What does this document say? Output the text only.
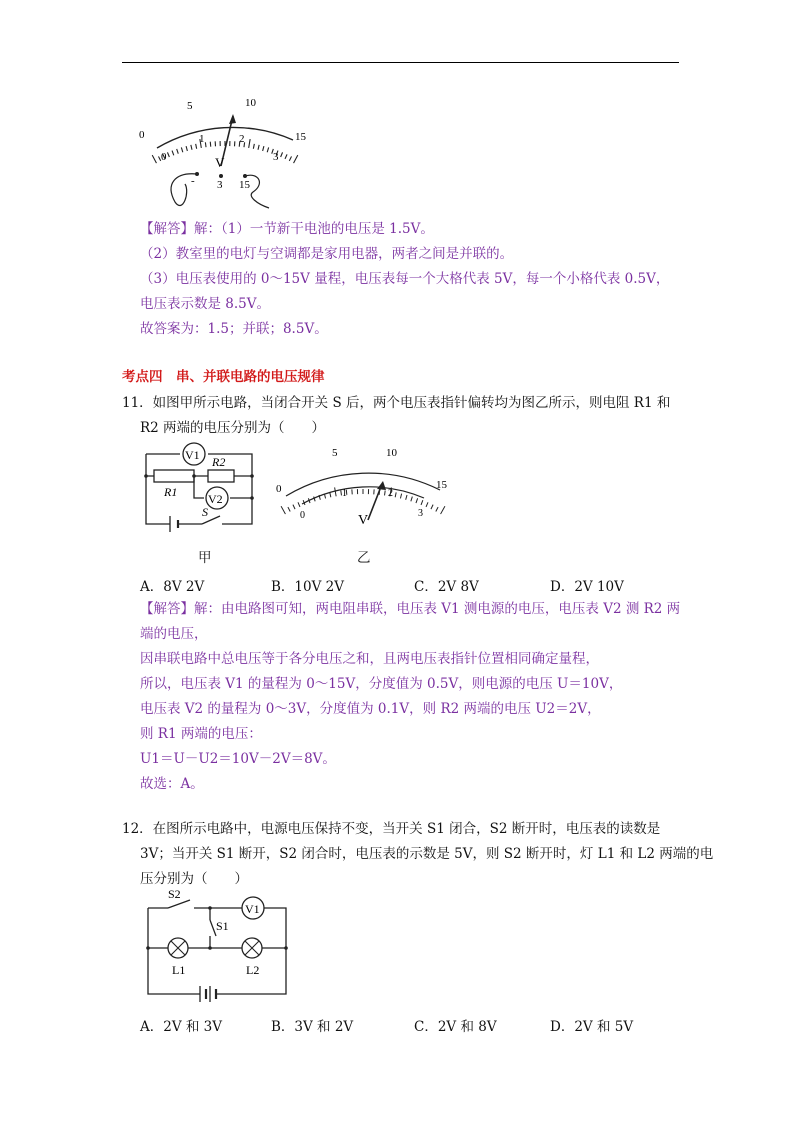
0
5	10
15
0
1	2
3
V
- 3 15
【解答】解：（1）一节新干电池的电压是 1.5V。
（2）教室里的电灯与空调都是家用电器，两者之间是并联的。
（3）电压表使用的 0～15V 量程，电压表每一个大格代表 5V，每一个小格代表 0.5V，
电压表示数是 8.5V。
故答案为：1.5；并联；8.5V。
考点四　串、并联电路的电压规律
11．如图甲所示电路，当闭合开关 S 后，两个电压表指针偏转均为图乙所示，则电阻 R1 和
R2 两端的电压分别为（　　）
V1
V2
R2
R1
S
甲
0
5	10
15
0
1	2
3
V
乙
A．8V 2V	B．10V 2V	C．2V 8V	D．2V 10V
【解答】解：由电路图可知，两电阻串联，电压表 V1 测电源的电压，电压表 V2 测 R2 两
端的电压，
因串联电路中总电压等于各分电压之和，且两电压表指针位置相同确定量程，
所以，电压表 V1 的量程为 0～15V，分度值为 0.5V，则电源的电压 U＝10V，
电压表 V2 的量程为 0～3V，分度值为 0.1V，则 R2 两端的电压 U2＝2V，
则 R1 两端的电压：
U1＝U－U2＝10V－2V＝8V。
故选：A。
12．在图所示电路中，电源电压保持不变，当开关 S1 闭合，S2 断开时，电压表的读数是
3V；当开关 S1 断开，S2 闭合时，电压表的示数是 5V，则 S2 断开时，灯 L1 和 L2 两端的电
压分别为（　　）
V1
S2
S1
L1	L2
A．2V 和 3V	B．3V 和 2V	C．2V 和 8V	D．2V 和 5V
